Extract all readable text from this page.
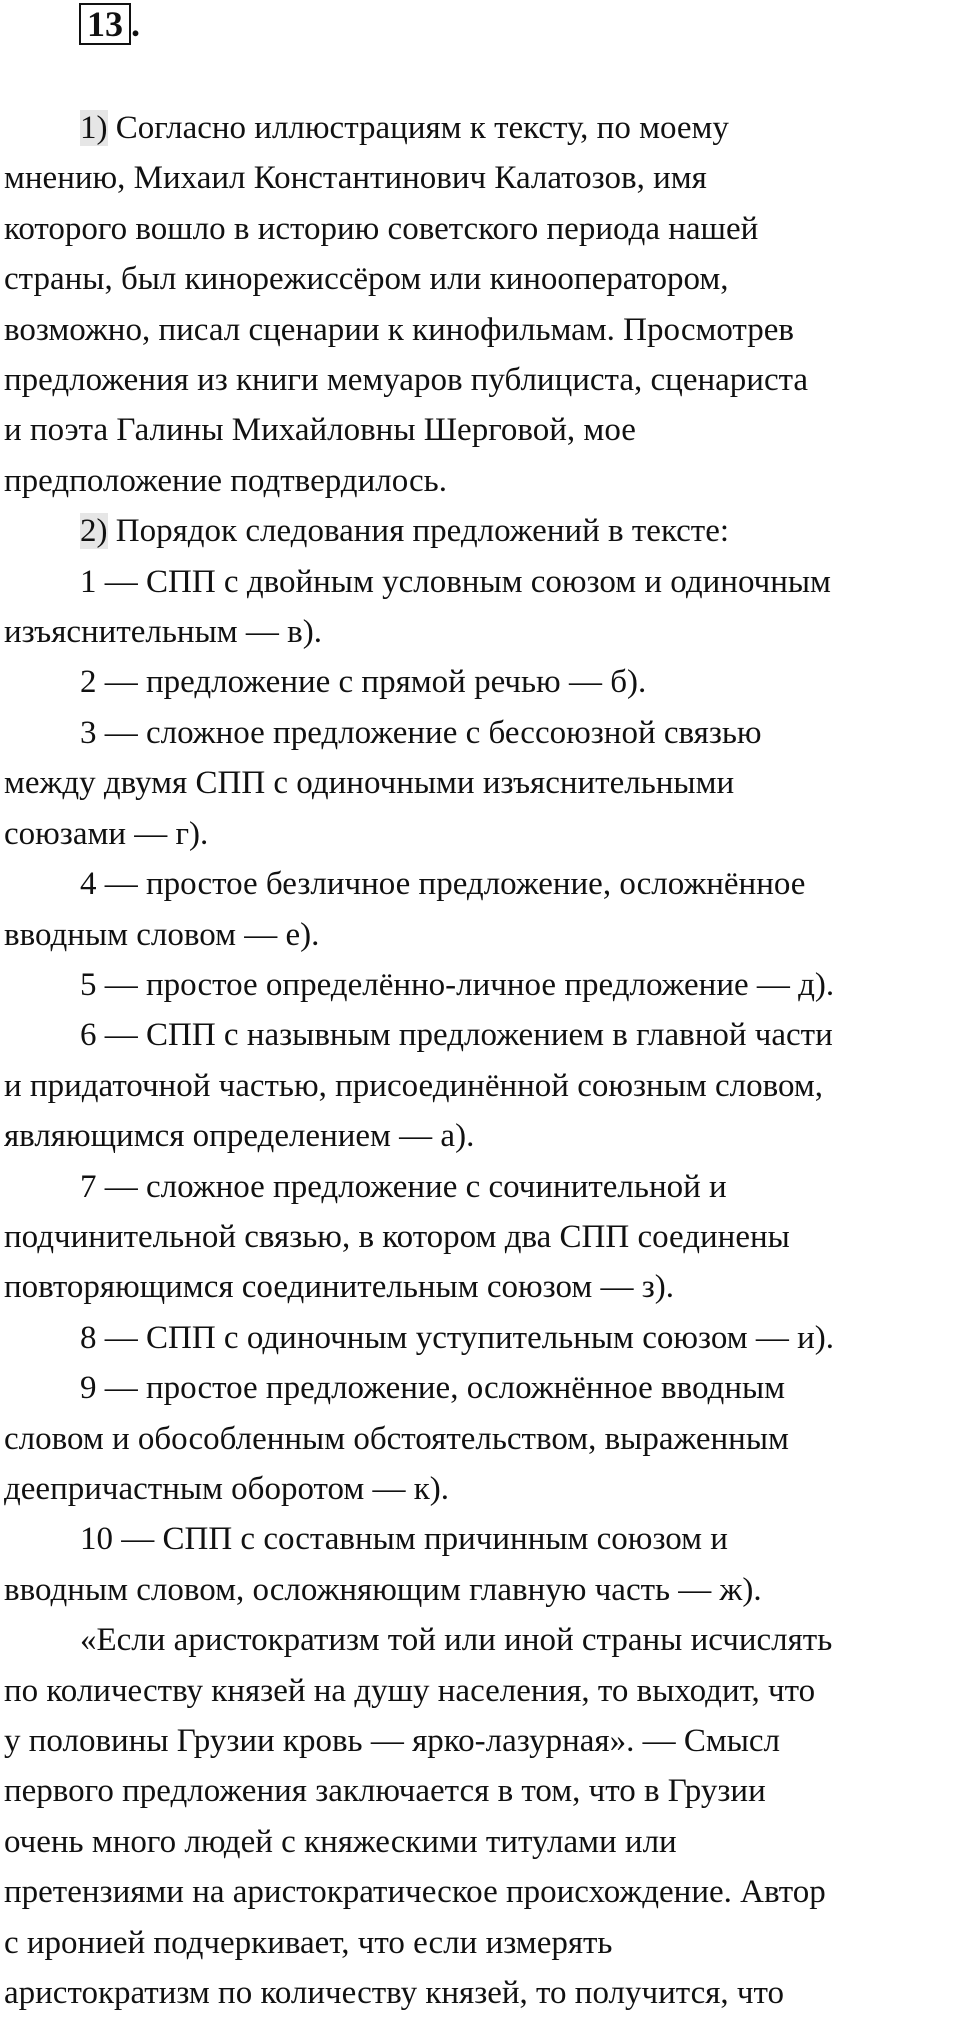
13 .
1) Согласно иллюстрациям к тексту, по моему
мнению, Михаил Константинович Калатозов, имя
которого вошло в историю советского периода нашей
страны, был кинорежиссёром или кинооператором,
возможно, писал сценарии к кинофильмам. Просмотрев
предложения из книги мемуаров публициста, сценариста
и поэта Галины Михайловны Шерговой, мое
предположение подтвердилось.
2) Порядок следования предложений в тексте:
1 — СПП с двойным условным союзом и одиночным
изъяснительным — в).
2 — предложение с прямой речью — б).
3 — сложное предложение с бессоюзной связью
между двумя СПП с одиночными изъяснительными
союзами — г).
4 — простое безличное предложение, осложнённое
вводным словом — е).
5 — простое определённо-личное предложение — д).
6 — СПП с назывным предложением в главной части
и придаточной частью, присоединённой союзным словом,
являющимся определением — а).
7 — сложное предложение с сочинительной и
подчинительной связью, в котором два СПП соединены
повторяющимся соединительным союзом — з).
8 — СПП с одиночным уступительным союзом — и).
9 — простое предложение, осложнённое вводным
словом и обособленным обстоятельством, выраженным
деепричастным оборотом — к).
10 — СПП с составным причинным союзом и
вводным словом, осложняющим главную часть — ж).
«Если аристократизм той или иной страны исчислять
по количеству князей на душу населения, то выходит, что
у половины Грузии кровь — ярко-лазурная». — Смысл
первого предложения заключается в том, что в Грузии
очень много людей с княжескими титулами или
претензиями на аристократическое происхождение. Автор
с иронией подчеркивает, что если измерять
аристократизм по количеству князей, то получится, что
